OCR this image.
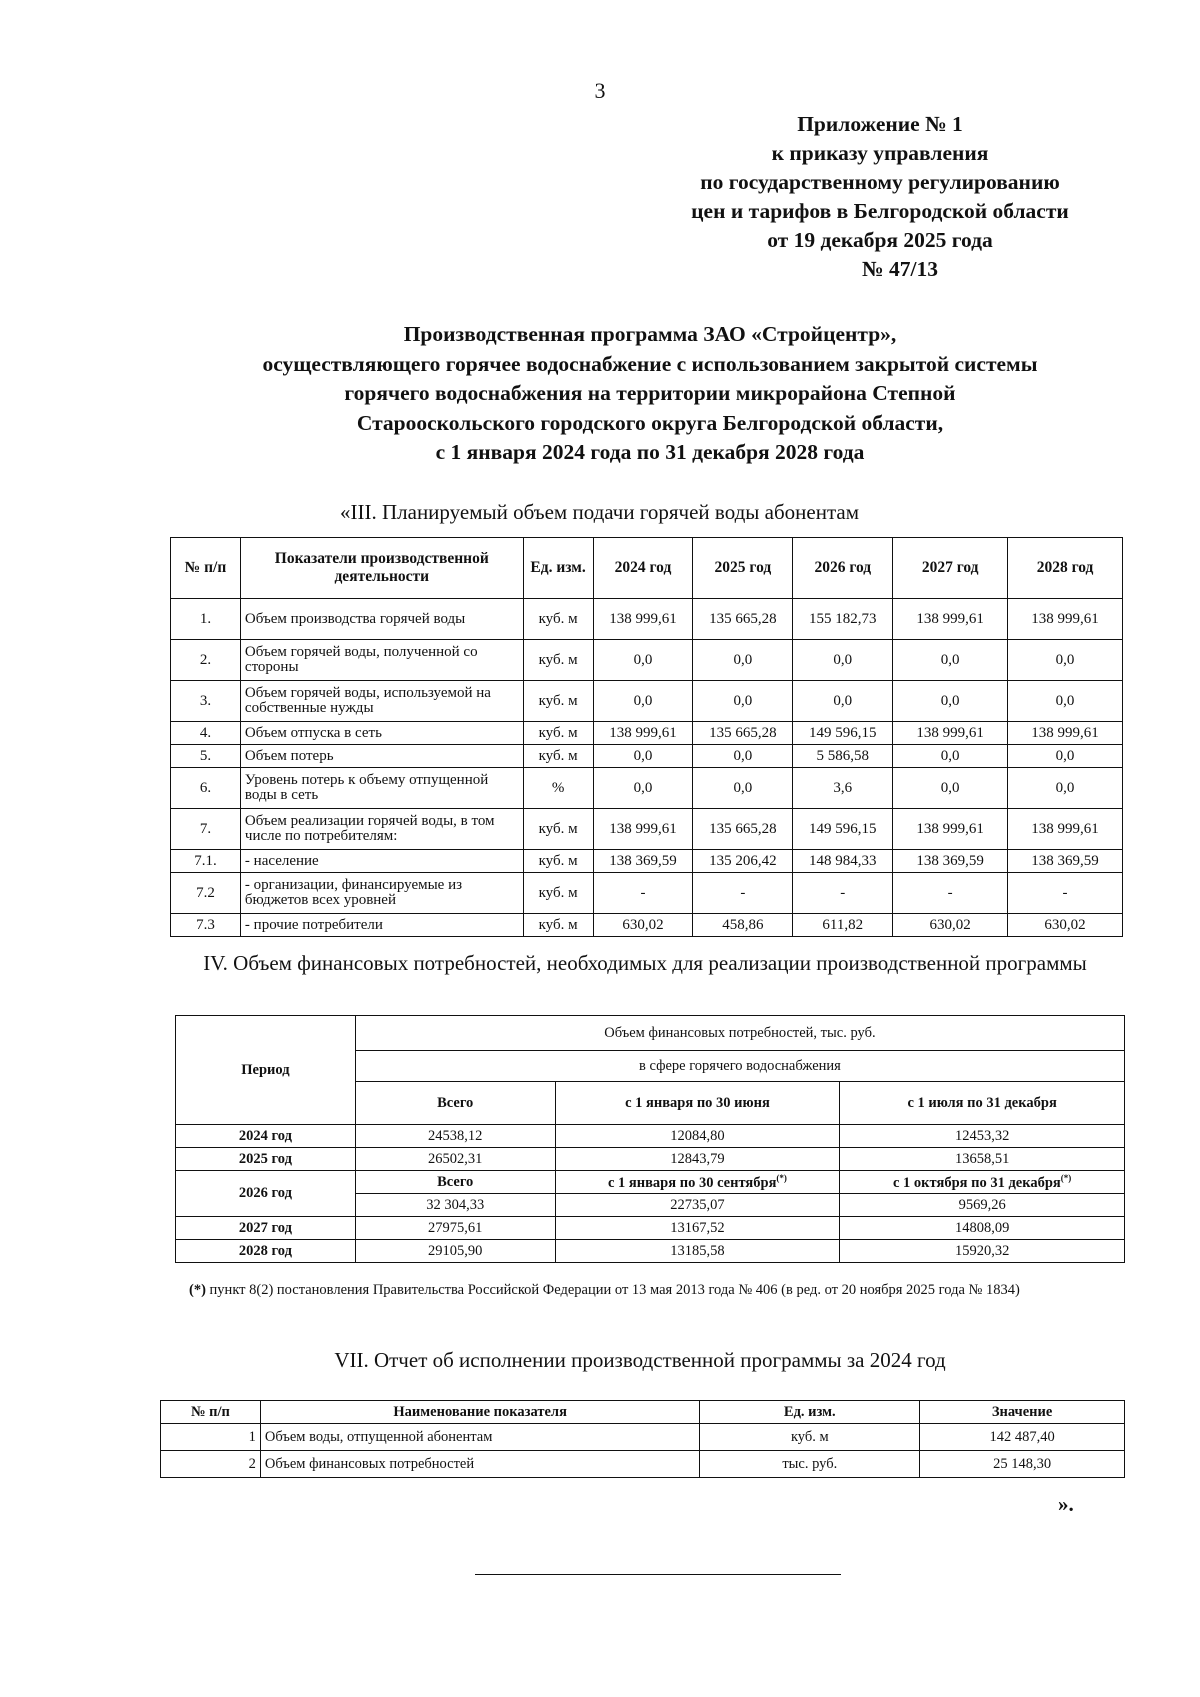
3
Приложение № 1
к приказу управления
по государственному регулированию
цен и тарифов в Белгородской области
от 19 декабря 2025 года
№ 47/13
Производственная программа ЗАО «Стройцентр»,
осуществляющего горячее водоснабжение с использованием закрытой системы
горячего водоснабжения на территории микрорайона Степной
Старооскольского городского округа Белгородской области,
с 1 января 2024 года по 31 декабря 2028 года
«III. Планируемый объем подачи горячей воды абонентам
№ п/п	Показатели производственной деятельности	Ед. изм.	2024 год	2025 год	2026 год	2027 год	2028 год
1.	Объем производства горячей воды	куб. м	138 999,61	135 665,28	155 182,73	138 999,61	138 999,61
2.	Объем горячей воды, полученной со стороны	куб. м	0,0	0,0	0,0	0,0	0,0
3.	Объем горячей воды, используемой на собственные нужды	куб. м	0,0	0,0	0,0	0,0	0,0
4.	Объем отпуска в сеть	куб. м	138 999,61	135 665,28	149 596,15	138 999,61	138 999,61
5.	Объем потерь	куб. м	0,0	0,0	5 586,58	0,0	0,0
6.	Уровень потерь к объему отпущенной воды в сеть	%	0,0	0,0	3,6	0,0	0,0
7.	Объем реализации горячей воды, в том числе по потребителям:	куб. м	138 999,61	135 665,28	149 596,15	138 999,61	138 999,61
7.1.	- население	куб. м	138 369,59	135 206,42	148 984,33	138 369,59	138 369,59
7.2	- организации, финансируемые из бюджетов всех уровней	куб. м	-	-	-	-	-
7.3	- прочие потребители	куб. м	630,02	458,86	611,82	630,02	630,02
IV. Объем финансовых потребностей, необходимых для реализации производственной программы
Период	Объем финансовых потребностей, тыс. руб.		
	в сфере горячего водоснабжения		
	Всего	с 1 января по 30 июня	с 1 июля по 31 декабря
2024 год	24538,12	12084,80	12453,32
2025 год	26502,31	12843,79	13658,51
2026 год	Всего	с 1 января по 30 сентября(*)	с 1 октября по 31 декабря(*)
	32 304,33	22735,07	9569,26
2027 год	27975,61	13167,52	14808,09
2028 год	29105,90	13185,58	15920,32
(*) пункт 8(2) постановления Правительства Российской Федерации от 13 мая 2013 года № 406 (в ред. от 20 ноября 2025 года № 1834)
VII. Отчет об исполнении производственной программы за 2024 год
№ п/п	Наименование показателя	Ед. изм.	Значение
1	Объем воды, отпущенной абонентам	куб. м	142 487,40
2	Объем финансовых потребностей	тыс. руб.	25 148,30
».
